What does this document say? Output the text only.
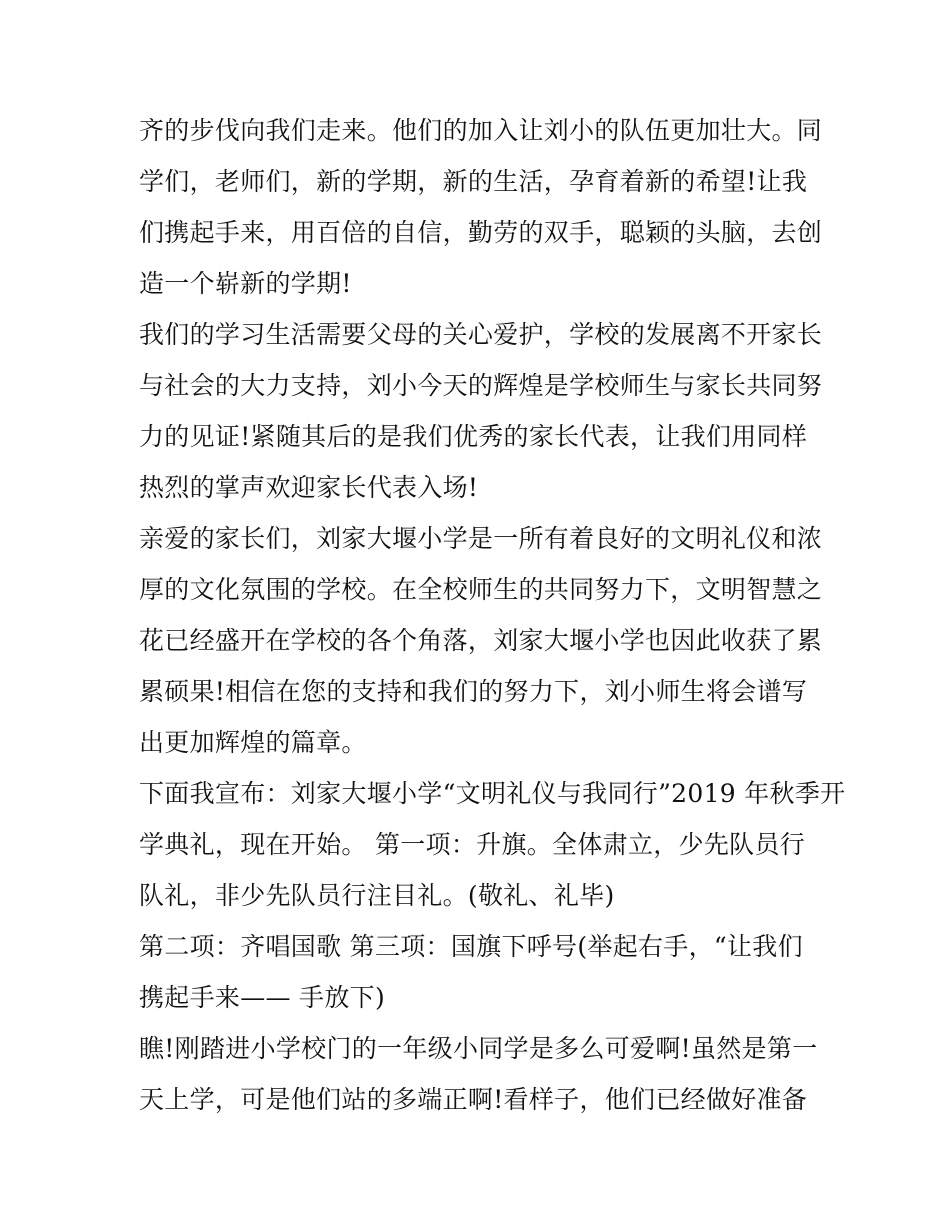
齐的步伐向我们走来。他们的加入让刘小的队伍更加壮大。同
学们，老师们，新的学期，新的生活，孕育着新的希望!让我
们携起手来，用百倍的自信，勤劳的双手，聪颖的头脑，去创
造一个崭新的学期!
我们的学习生活需要父母的关心爱护，学校的发展离不开家长
与社会的大力支持，刘小今天的辉煌是学校师生与家长共同努
力的见证!紧随其后的是我们优秀的家长代表，让我们用同样
热烈的掌声欢迎家长代表入场!
亲爱的家长们，刘家大堰小学是一所有着良好的文明礼仪和浓
厚的文化氛围的学校。在全校师生的共同努力下，文明智慧之
花已经盛开在学校的各个角落，刘家大堰小学也因此收获了累
累硕果!相信在您的支持和我们的努力下，刘小师生将会谱写
出更加辉煌的篇章。
下面我宣布：刘家大堰小学“文明礼仪与我同行”2019 年秋季开
学典礼，现在开始。 第一项：升旗。全体肃立，少先队员行
队礼，非少先队员行注目礼。(敬礼、礼毕)
第二项：齐唱国歌 第三项：国旗下呼号(举起右手，“让我们
携起手来—— 手放下)
瞧!刚踏进小学校门的一年级小同学是多么可爱啊!虽然是第一
天上学，可是他们站的多端正啊!看样子，他们已经做好准备
